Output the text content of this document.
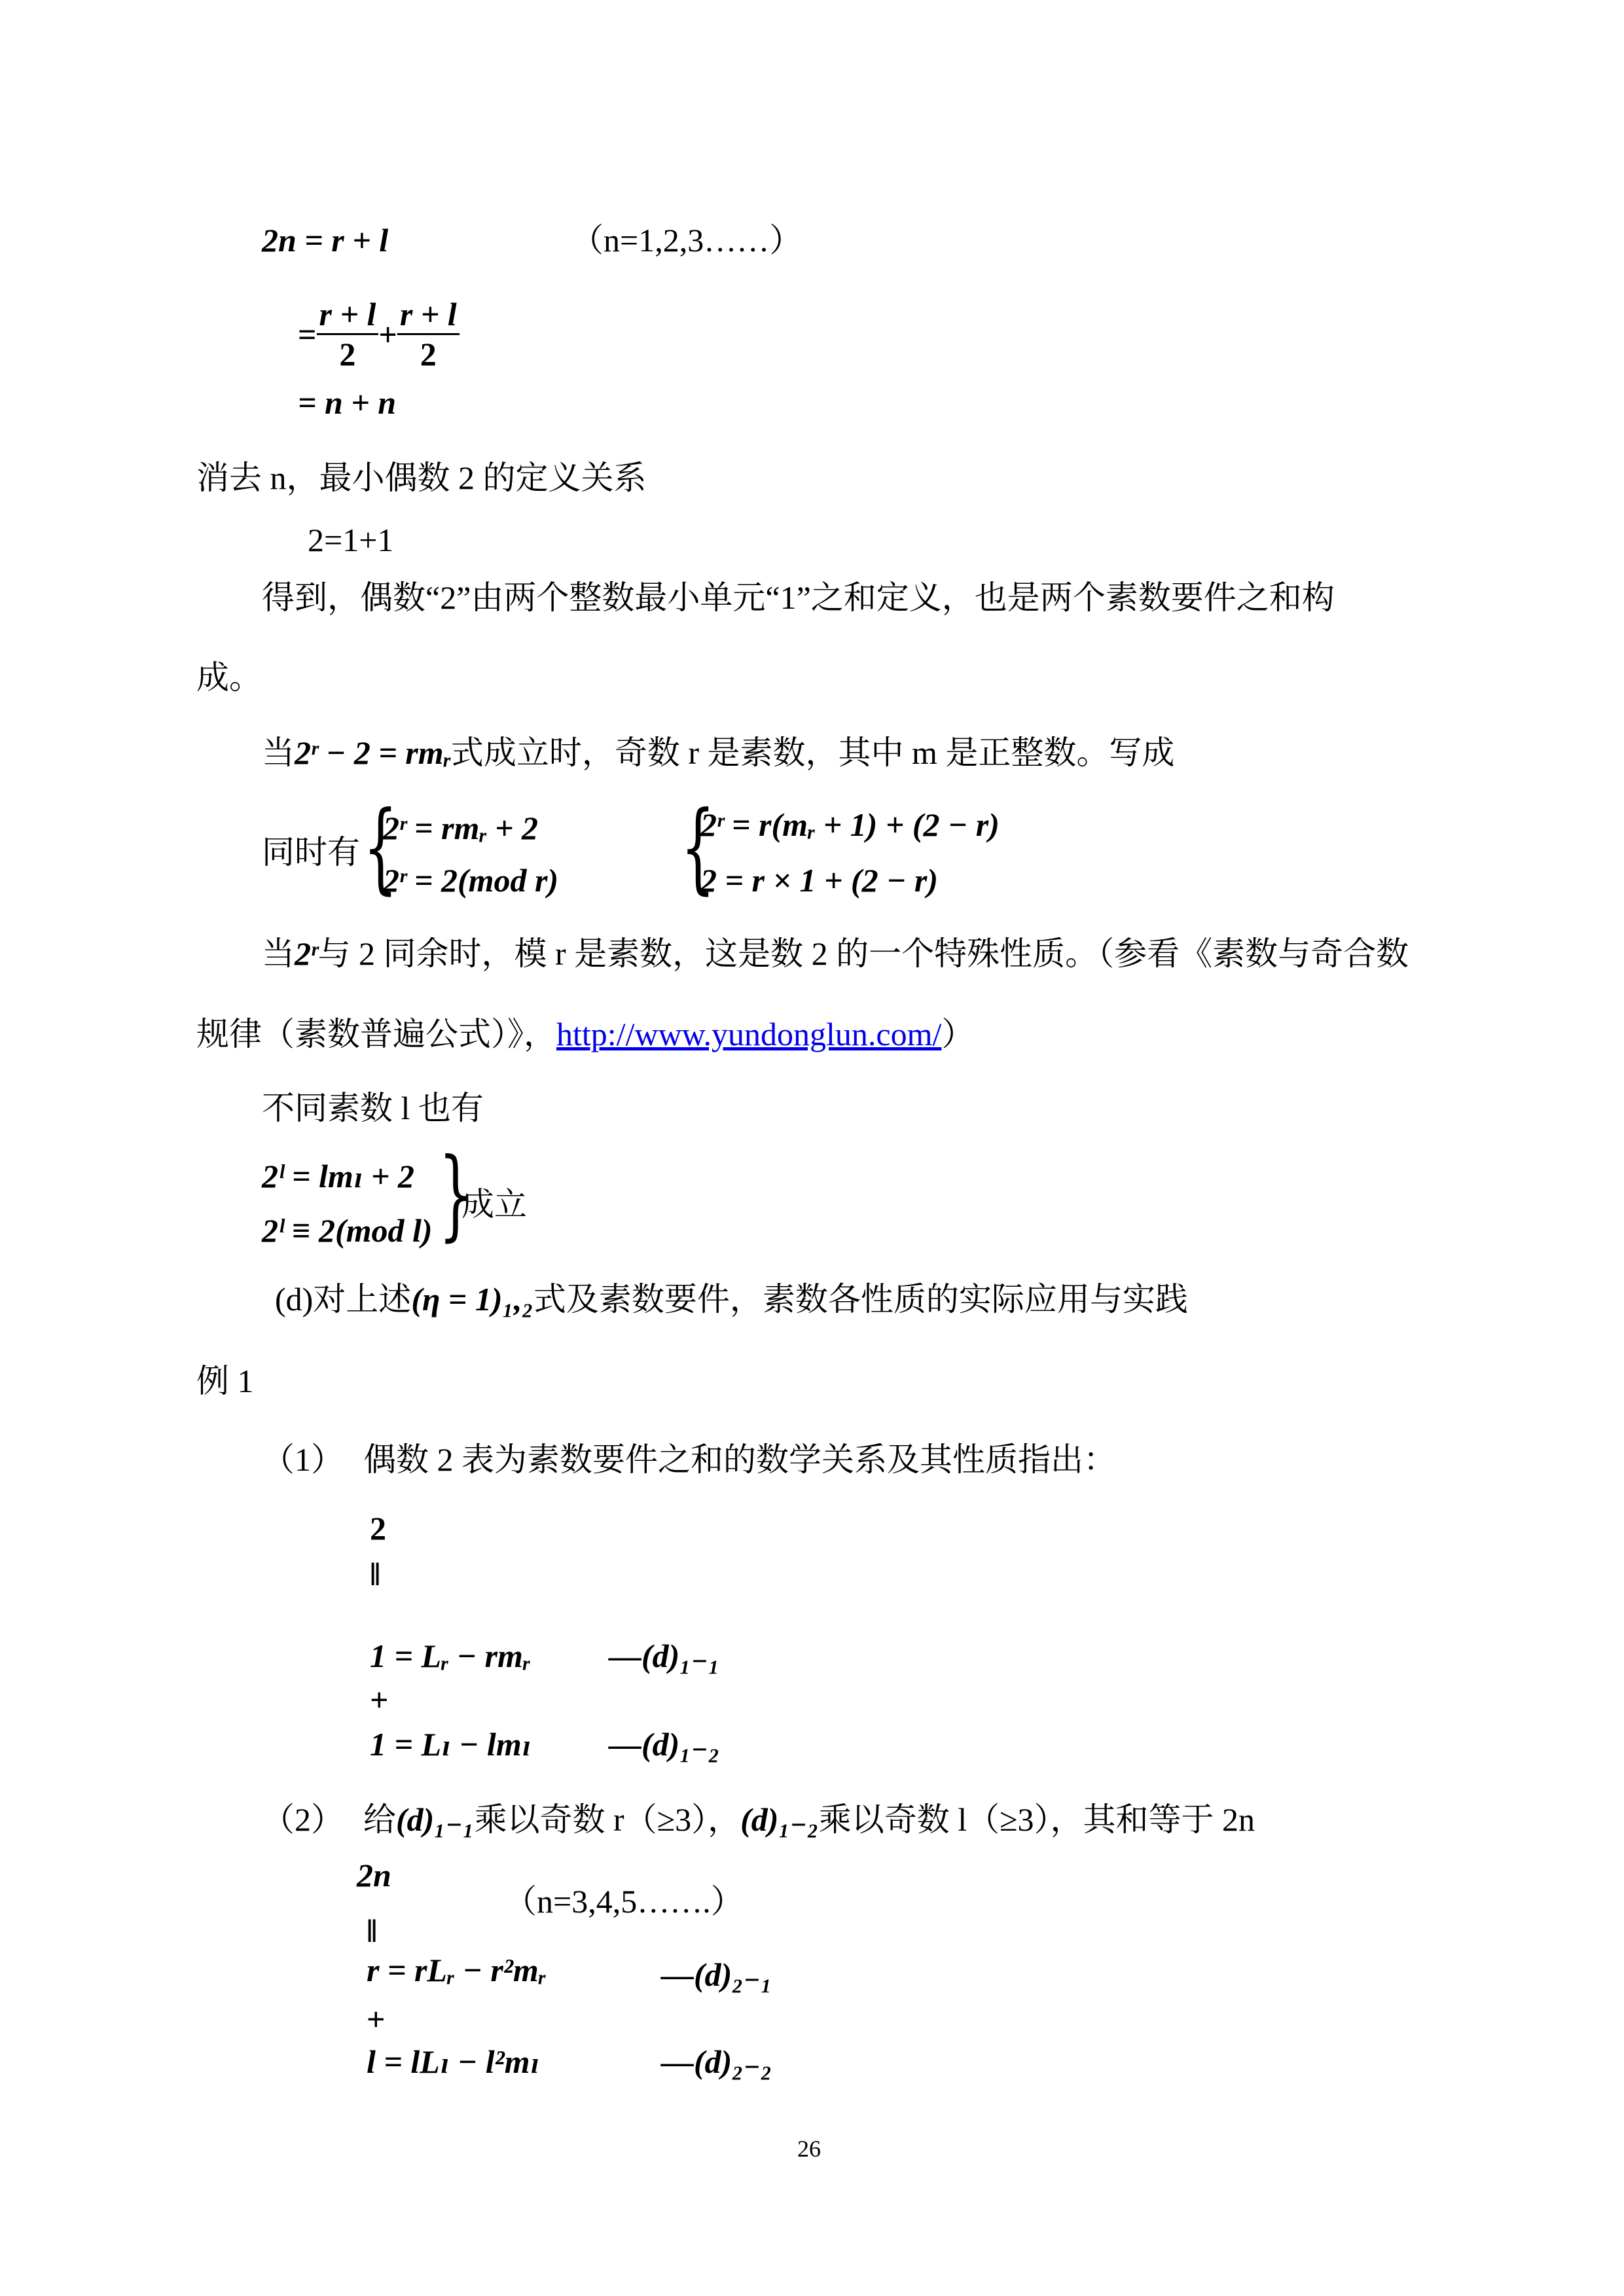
2n = r + l	（n=1,2,3……）
= $\frac{r + l}{2} + \frac{r + l}{2}$
= n + n
消去 n，最小偶数 2 的定义关系
2=1+1
得到，偶数“2”由两个整数最小单元“1”之和定义，也是两个素数要件之和构
成。
当2ʳ − 2 = rmᵣ式成立时，奇数 r 是素数，其中 m 是正整数。写成
同时有 {
2ʳ = rmᵣ + 2
2ʳ = 2(mod r) {
2ʳ = r(mᵣ + 1) + (2 − r)
2 = r × 1 + (2 − r)
当2ʳ与 2 同余时，模 r 是素数，这是数 2 的一个特殊性质。（参看《素数与奇合数
规律（素数普遍公式）》，http://www.yundonglun.com/）
不同素数 l 也有
2ˡ = lmₗ + 2
2ˡ ≡ 2(mod l) }
成立
(d)对上述(η = 1)₁,₂式及素数要件，素数各性质的实际应用与实践
例 1
（1） 偶数 2 表为素数要件之和的数学关系及其性质指出：
2
‖
1 = Lᵣ − rmᵣ —(d)₁₋₁
+
1 = Lₗ − lmₗ —(d)₁₋₂
（2） 给(d)₁₋₁乘以奇数 r（≥3），(d)₁₋₂乘以奇数 l（≥3），其和等于 2n
2n
（n=3,4,5…….）
‖
r = rLᵣ − r²mᵣ	—(d)₂₋₁
+
l = lLₗ − l²mₗ	—(d)₂₋₂
26
